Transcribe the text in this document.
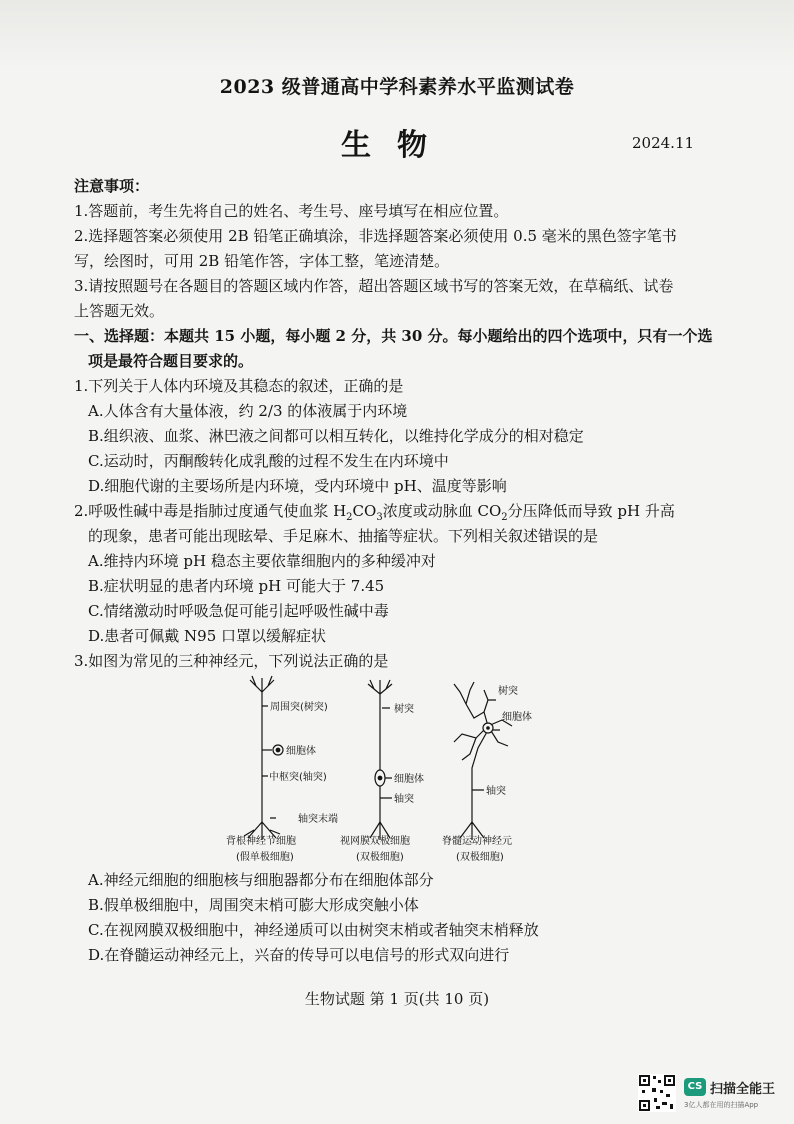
2023 级普通高中学科素养水平监测试卷
生物	2024.11
注意事项：
1.答题前，考生先将自己的姓名、考生号、座号填写在相应位置。
2.选择题答案必须使用 2B 铅笔正确填涂，非选择题答案必须使用 0.5 毫米的黑色签字笔书
写，绘图时，可用 2B 铅笔作答，字体工整，笔迹清楚。
3.请按照题号在各题目的答题区域内作答，超出答题区域书写的答案无效，在草稿纸、试卷
上答题无效。
一、选择题：本题共 15 小题，每小题 2 分，共 30 分。每小题给出的四个选项中，只有一个选
项是最符合题目要求的。
1.下列关于人体内环境及其稳态的叙述，正确的是
A.人体含有大量体液，约 2/3 的体液属于内环境
B.组织液、血浆、淋巴液之间都可以相互转化，以维持化学成分的相对稳定
C.运动时，丙酮酸转化成乳酸的过程不发生在内环境中
D.细胞代谢的主要场所是内环境，受内环境中 pH、温度等影响
2.呼吸性碱中毒是指肺过度通气使血浆 $H_2CO_3$浓度或动脉血 $CO_2$分压降低而导致 pH 升高
的现象，患者可能出现眩晕、手足麻木、抽搐等症状。下列相关叙述错误的是
A.维持内环境 pH 稳态主要依靠细胞内的多种缓冲对
B.症状明显的患者内环境 pH 可能大于 7.45
C.情绪激动时呼吸急促可能引起呼吸性碱中毒
D.患者可佩戴 N95 口罩以缓解症状
3.如图为常见的三种神经元，下列说法正确的是
周围突(树突)
细胞体
中枢突(轴突)
轴突末端
背根神经节细胞
(假单极细胞)
树突
细胞体
轴突
视网膜双极细胞
(双极细胞)
树突
细胞体
轴突
脊髓运动神经元
(双极细胞)
A.神经元细胞的细胞核与细胞器都分布在细胞体部分
B.假单极细胞中，周围突末梢可膨大形成突触小体
C.在视网膜双极细胞中，神经递质可以由树突末梢或者轴突末梢释放
D.在脊髓运动神经元上，兴奋的传导可以电信号的形式双向进行
生物试题 第 1 页(共 10 页)
CS 扫描全能王
3亿人都在用的扫描App
